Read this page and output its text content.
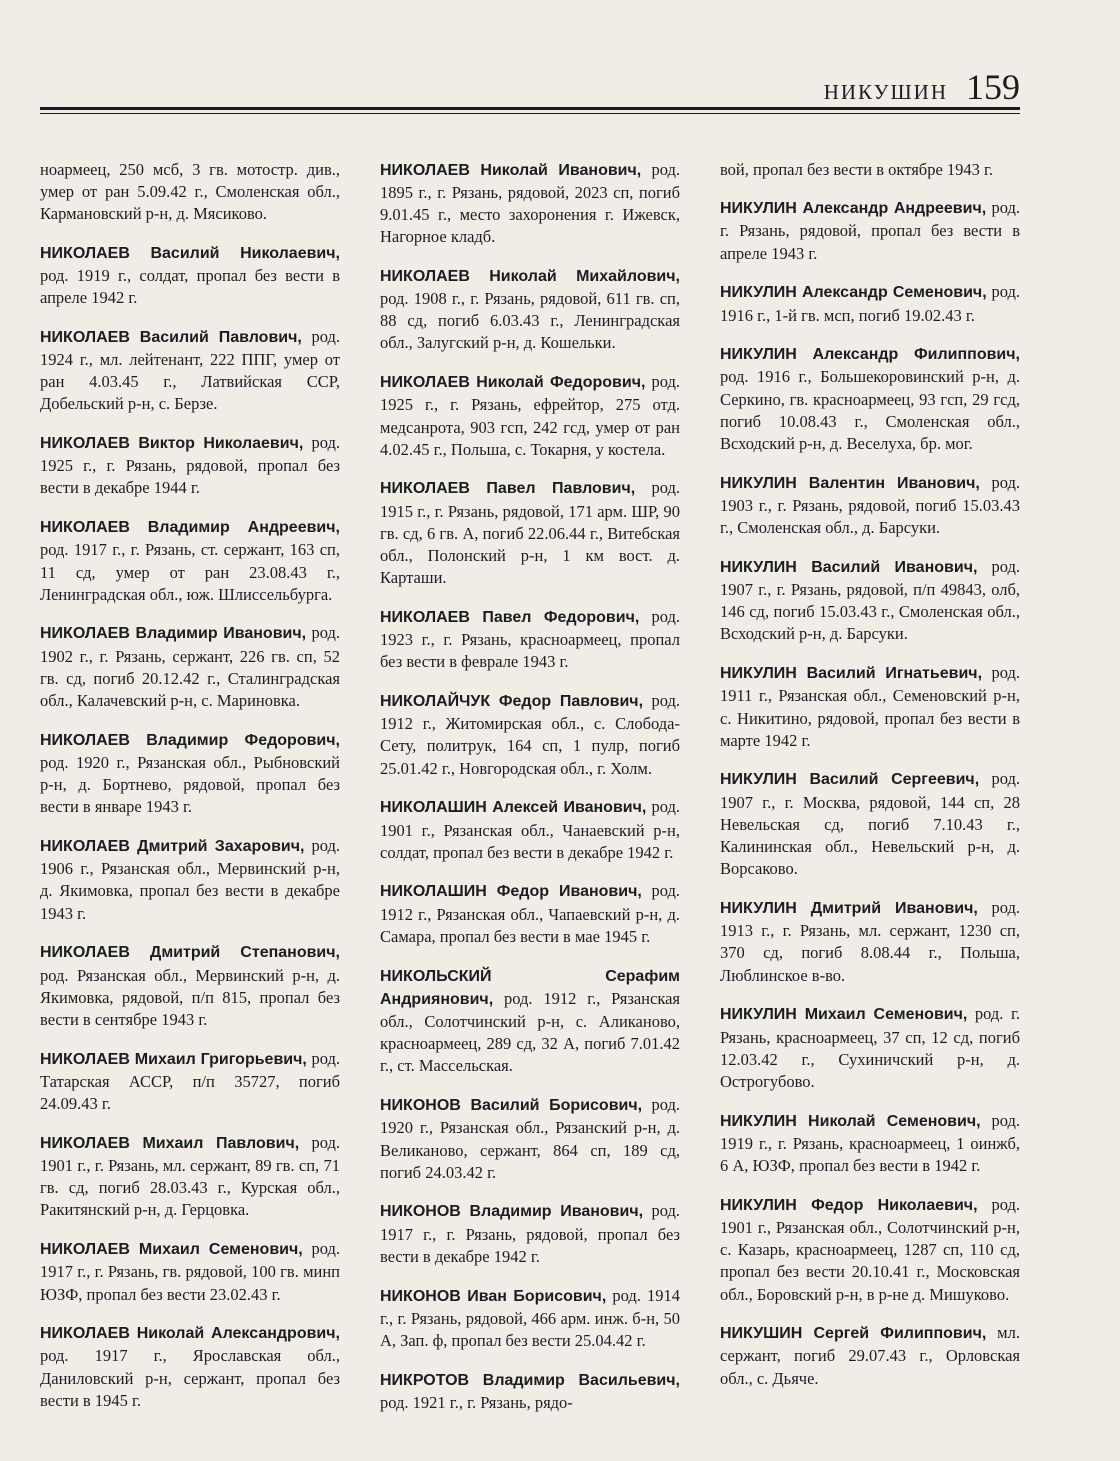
НИКУШИН 159

ноармеец, 250 мсб, 3 гв. мотостр. див., умер от ран 5.09.42 г., Смоленская обл., Кармановский р-н, д. Мясиково.

НИКОЛАЕВ Василий Николаевич, род. 1919 г., солдат, пропал без вести в апреле 1942 г.

НИКОЛАЕВ Василий Павлович, род. 1924 г., мл. лейтенант, 222 ППГ, умер от ран 4.03.45 г., Латвийская ССР, Добельский р-н, с. Берзе.

НИКОЛАЕВ Виктор Николаевич, род. 1925 г., г. Рязань, рядовой, пропал без вести в декабре 1944 г.

НИКОЛАЕВ Владимир Андреевич, род. 1917 г., г. Рязань, ст. сержант, 163 сп, 11 сд, умер от ран 23.08.43 г., Ленинградская обл., юж. Шлиссельбурга.

НИКОЛАЕВ Владимир Иванович, род. 1902 г., г. Рязань, сержант, 226 гв. сп, 52 гв. сд, погиб 20.12.42 г., Сталинградская обл., Калачевский р-н, с. Мариновка.

НИКОЛАЕВ Владимир Федорович, род. 1920 г., Рязанская обл., Рыбновский р-н, д. Бортнево, рядовой, пропал без вести в январе 1943 г.

НИКОЛАЕВ Дмитрий Захарович, род. 1906 г., Рязанская обл., Мервинский р-н, д. Якимовка, пропал без вести в декабре 1943 г.

НИКОЛАЕВ Дмитрий Степанович, род. Рязанская обл., Мервинский р-н, д. Якимовка, рядовой, п/п 815, пропал без вести в сентябре 1943 г.

НИКОЛАЕВ Михаил Григорьевич, род. Татарская АССР, п/п 35727, погиб 24.09.43 г.

НИКОЛАЕВ Михаил Павлович, род. 1901 г., г. Рязань, мл. сержант, 89 гв. сп, 71 гв. сд, погиб 28.03.43 г., Курская обл., Ракитянский р-н, д. Герцовка.

НИКОЛАЕВ Михаил Семенович, род. 1917 г., г. Рязань, гв. рядовой, 100 гв. минп ЮЗФ, пропал без вести 23.02.43 г.

НИКОЛАЕВ Николай Александрович, род. 1917 г., Ярославская обл., Даниловский р-н, сержант, пропал без вести в 1945 г.

НИКОЛАЕВ Николай Иванович, род. 1895 г., г. Рязань, рядовой, 2023 сп, погиб 9.01.45 г., место захоронения г. Ижевск, Нагорное кладб.

НИКОЛАЕВ Николай Михайлович, род. 1908 г., г. Рязань, рядовой, 611 гв. сп, 88 сд, погиб 6.03.43 г., Ленинградская обл., Залугский р-н, д. Кошельки.

НИКОЛАЕВ Николай Федорович, род. 1925 г., г. Рязань, ефрейтор, 275 отд. медсанрота, 903 гсп, 242 гсд, умер от ран 4.02.45 г., Польша, с. Токарня, у костела.

НИКОЛАЕВ Павел Павлович, род. 1915 г., г. Рязань, рядовой, 171 арм. ШР, 90 гв. сд, 6 гв. А, погиб 22.06.44 г., Витебская обл., Полонский р-н, 1 км вост. д. Карташи.

НИКОЛАЕВ Павел Федорович, род. 1923 г., г. Рязань, красноармеец, пропал без вести в феврале 1943 г.

НИКОЛАЙЧУК Федор Павлович, род. 1912 г., Житомирская обл., с. Слобода-Сету, политрук, 164 сп, 1 пулр, погиб 25.01.42 г., Новгородская обл., г. Холм.

НИКОЛАШИН Алексей Иванович, род. 1901 г., Рязанская обл., Чанаевский р-н, солдат, пропал без вести в декабре 1942 г.

НИКОЛАШИН Федор Иванович, род. 1912 г., Рязанская обл., Чапаевский р-н, д. Самара, пропал без вести в мае 1945 г.

НИКОЛЬСКИЙ Серафим Андриянович, род. 1912 г., Рязанская обл., Солотчинский р-н, с. Аликаново, красноармеец, 289 сд, 32 А, погиб 7.01.42 г., ст. Массельская.

НИКОНОВ Василий Борисович, род. 1920 г., Рязанская обл., Рязанский р-н, д. Великаново, сержант, 864 сп, 189 сд, погиб 24.03.42 г.

НИКОНОВ Владимир Иванович, род. 1917 г., г. Рязань, рядовой, пропал без вести в декабре 1942 г.

НИКОНОВ Иван Борисович, род. 1914 г., г. Рязань, рядовой, 466 арм. инж. б-н, 50 А, Зап. ф, пропал без вести 25.04.42 г.

НИКРОТОВ Владимир Васильевич, род. 1921 г., г. Рязань, рядо-

вой, пропал без вести в октябре 1943 г.

НИКУЛИН Александр Андреевич, род. г. Рязань, рядовой, пропал без вести в апреле 1943 г.

НИКУЛИН Александр Семенович, род. 1916 г., 1-й гв. мсп, погиб 19.02.43 г.

НИКУЛИН Александр Филиппович, род. 1916 г., Большекоровинский р-н, д. Серкино, гв. красноармеец, 93 гсп, 29 гсд, погиб 10.08.43 г., Смоленская обл., Всходский р-н, д. Веселуха, бр. мог.

НИКУЛИН Валентин Иванович, род. 1903 г., г. Рязань, рядовой, погиб 15.03.43 г., Смоленская обл., д. Барсуки.

НИКУЛИН Василий Иванович, род. 1907 г., г. Рязань, рядовой, п/п 49843, олб, 146 сд, погиб 15.03.43 г., Смоленская обл., Всходский р-н, д. Барсуки.

НИКУЛИН Василий Игнатьевич, род. 1911 г., Рязанская обл., Семеновский р-н, с. Никитино, рядовой, пропал без вести в марте 1942 г.

НИКУЛИН Василий Сергеевич, род. 1907 г., г. Москва, рядовой, 144 сп, 28 Невельская сд, погиб 7.10.43 г., Калининская обл., Невельский р-н, д. Ворсаково.

НИКУЛИН Дмитрий Иванович, род. 1913 г., г. Рязань, мл. сержант, 1230 сп, 370 сд, погиб 8.08.44 г., Польша, Люблинское в-во.

НИКУЛИН Михаил Семенович, род. г. Рязань, красноармеец, 37 сп, 12 сд, погиб 12.03.42 г., Сухиничский р-н, д. Острогубово.

НИКУЛИН Николай Семенович, род. 1919 г., г. Рязань, красноармеец, 1 оинжб, 6 А, ЮЗФ, пропал без вести в 1942 г.

НИКУЛИН Федор Николаевич, род. 1901 г., Рязанская обл., Солотчинский р-н, с. Казарь, красноармеец, 1287 сп, 110 сд, пропал без вести 20.10.41 г., Московская обл., Боровский р-н, в р-не д. Мишуково.

НИКУШИН Сергей Филиппович, мл. сержант, погиб 29.07.43 г., Орловская обл., с. Дьяче.
